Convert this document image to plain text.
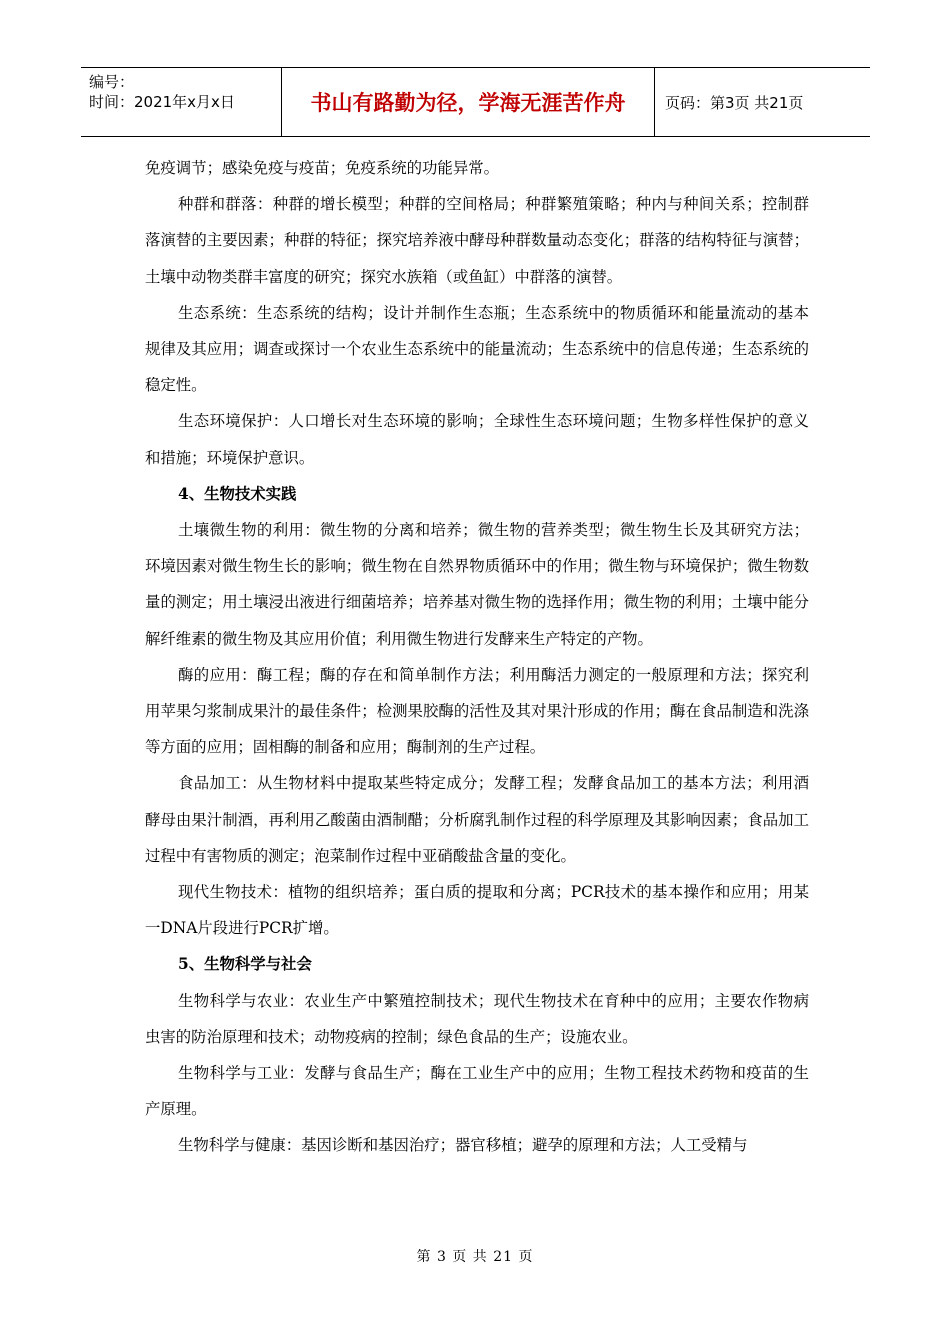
编号：
时间：2021年x月x日	书山有路勤为径，学海无涯苦作舟	页码：第3页 共21页

免疫调节；感染免疫与疫苗；免疫系统的功能异常。

种群和群落：种群的增长模型；种群的空间格局；种群繁殖策略；种内与种间关系；控制群落演替的主要因素；种群的特征；探究培养液中酵母种群数量动态变化；群落的结构特征与演替；土壤中动物类群丰富度的研究；探究水族箱（或鱼缸）中群落的演替。

生态系统：生态系统的结构；设计并制作生态瓶；生态系统中的物质循环和能量流动的基本规律及其应用；调查或探讨一个农业生态系统中的能量流动；生态系统中的信息传递；生态系统的稳定性。

生态环境保护：人口增长对生态环境的影响；全球性生态环境问题；生物多样性保护的意义和措施；环境保护意识。

4、生物技术实践

土壤微生物的利用：微生物的分离和培养；微生物的营养类型；微生物生长及其研究方法；环境因素对微生物生长的影响；微生物在自然界物质循环中的作用；微生物与环境保护；微生物数量的测定；用土壤浸出液进行细菌培养；培养基对微生物的选择作用；微生物的利用；土壤中能分解纤维素的微生物及其应用价值；利用微生物进行发酵来生产特定的产物。

酶的应用：酶工程；酶的存在和简单制作方法；利用酶活力测定的一般原理和方法；探究利用苹果匀浆制成果汁的最佳条件；检测果胶酶的活性及其对果汁形成的作用；酶在食品制造和洗涤等方面的应用；固相酶的制备和应用；酶制剂的生产过程。

食品加工：从生物材料中提取某些特定成分；发酵工程；发酵食品加工的基本方法；利用酒酵母由果汁制酒，再利用乙酸菌由酒制醋；分析腐乳制作过程的科学原理及其影响因素；食品加工过程中有害物质的测定；泡菜制作过程中亚硝酸盐含量的变化。

现代生物技术：植物的组织培养；蛋白质的提取和分离；PCR技术的基本操作和应用；用某一DNA片段进行PCR扩增。

5、生物科学与社会

生物科学与农业：农业生产中繁殖控制技术；现代生物技术在育种中的应用；主要农作物病虫害的防治原理和技术；动物疫病的控制；绿色食品的生产；设施农业。

生物科学与工业：发酵与食品生产；酶在工业生产中的应用；生物工程技术药物和疫苗的生产原理。

生物科学与健康：基因诊断和基因治疗；器官移植；避孕的原理和方法；人工受精与

第 3 页 共 21 页
